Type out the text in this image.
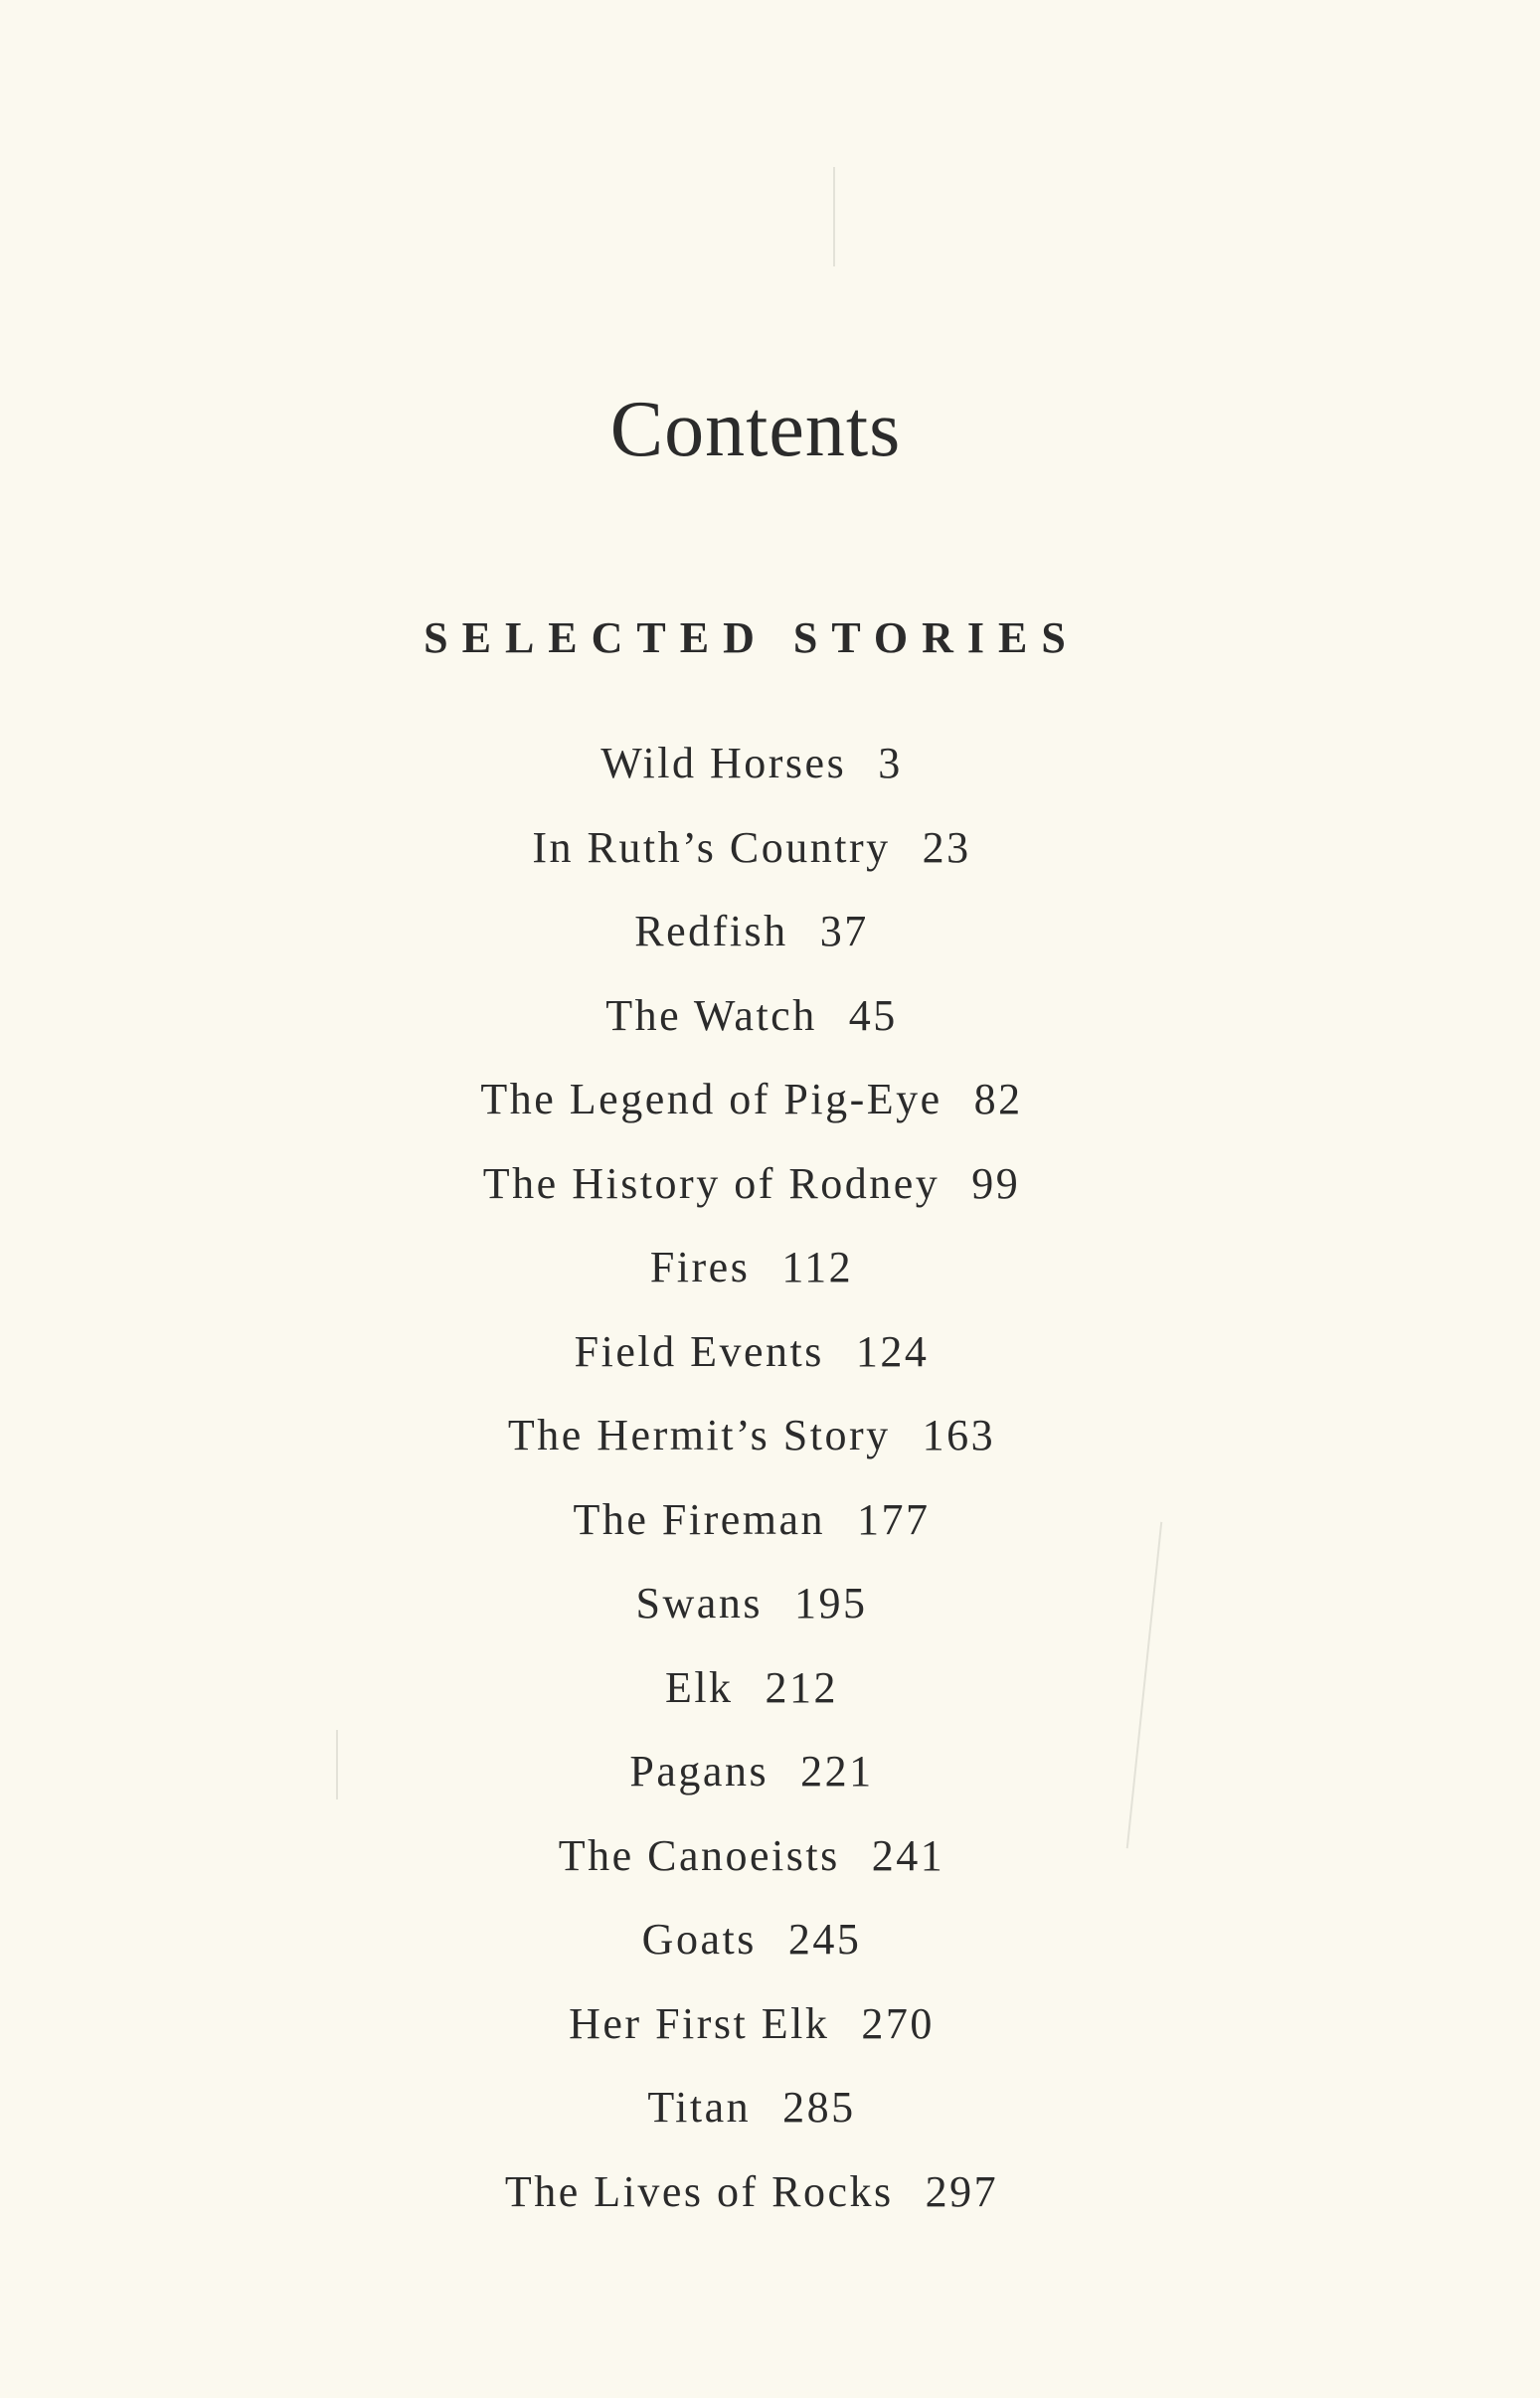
Contents
SELECTED STORIES
Wild Horses 3
In Ruth’s Country 23
Redfish 37
The Watch 45
The Legend of Pig-Eye 82
The History of Rodney 99
Fires 112
Field Events 124
The Hermit’s Story 163
The Fireman 177
Swans 195
Elk 212
Pagans 221
The Canoeists 241
Goats 245
Her First Elk 270
Titan 285
The Lives of Rocks 297
